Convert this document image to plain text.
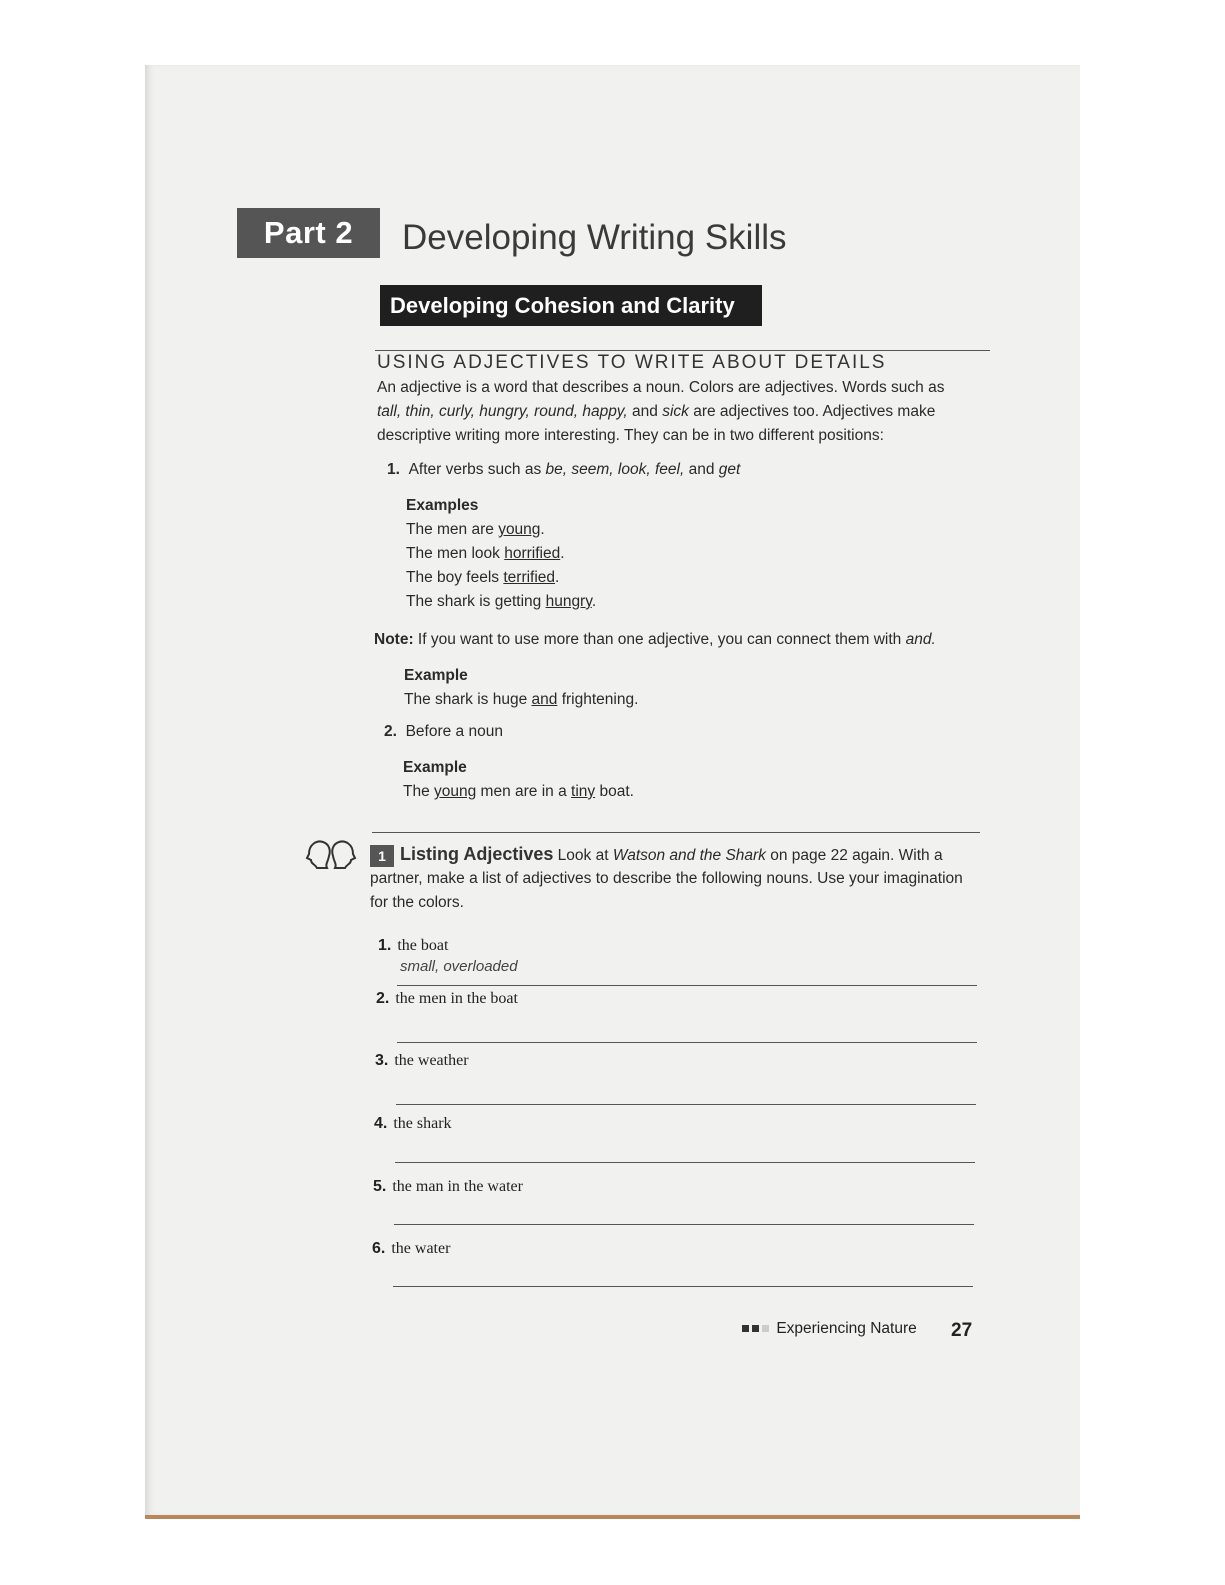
Part 2	Developing Writing Skills
Developing Cohesion and Clarity
USING ADJECTIVES TO WRITE ABOUT DETAILS
An adjective is a word that describes a noun. Colors are adjectives. Words such as
tall, thin, curly, hungry, round, happy, and sick are adjectives too. Adjectives make
descriptive writing more interesting. They can be in two different positions:
1. After verbs such as be, seem, look, feel, and get
Examples
The men are young.
The men look horrified.
The boy feels terrified.
The shark is getting hungry.
Note: If you want to use more than one adjective, you can connect them with and.
Example
The shark is huge and frightening.
2. Before a noun
Example
The young men are in a tiny boat.
1 Listing Adjectives Look at Watson and the Shark on page 22 again. With a
partner, make a list of adjectives to describe the following nouns. Use your imagination
for the colors.
1. the boat
small, overloaded
2. the men in the boat
3. the weather
4. the shark
5. the man in the water
6. the water
Experiencing Nature 27
